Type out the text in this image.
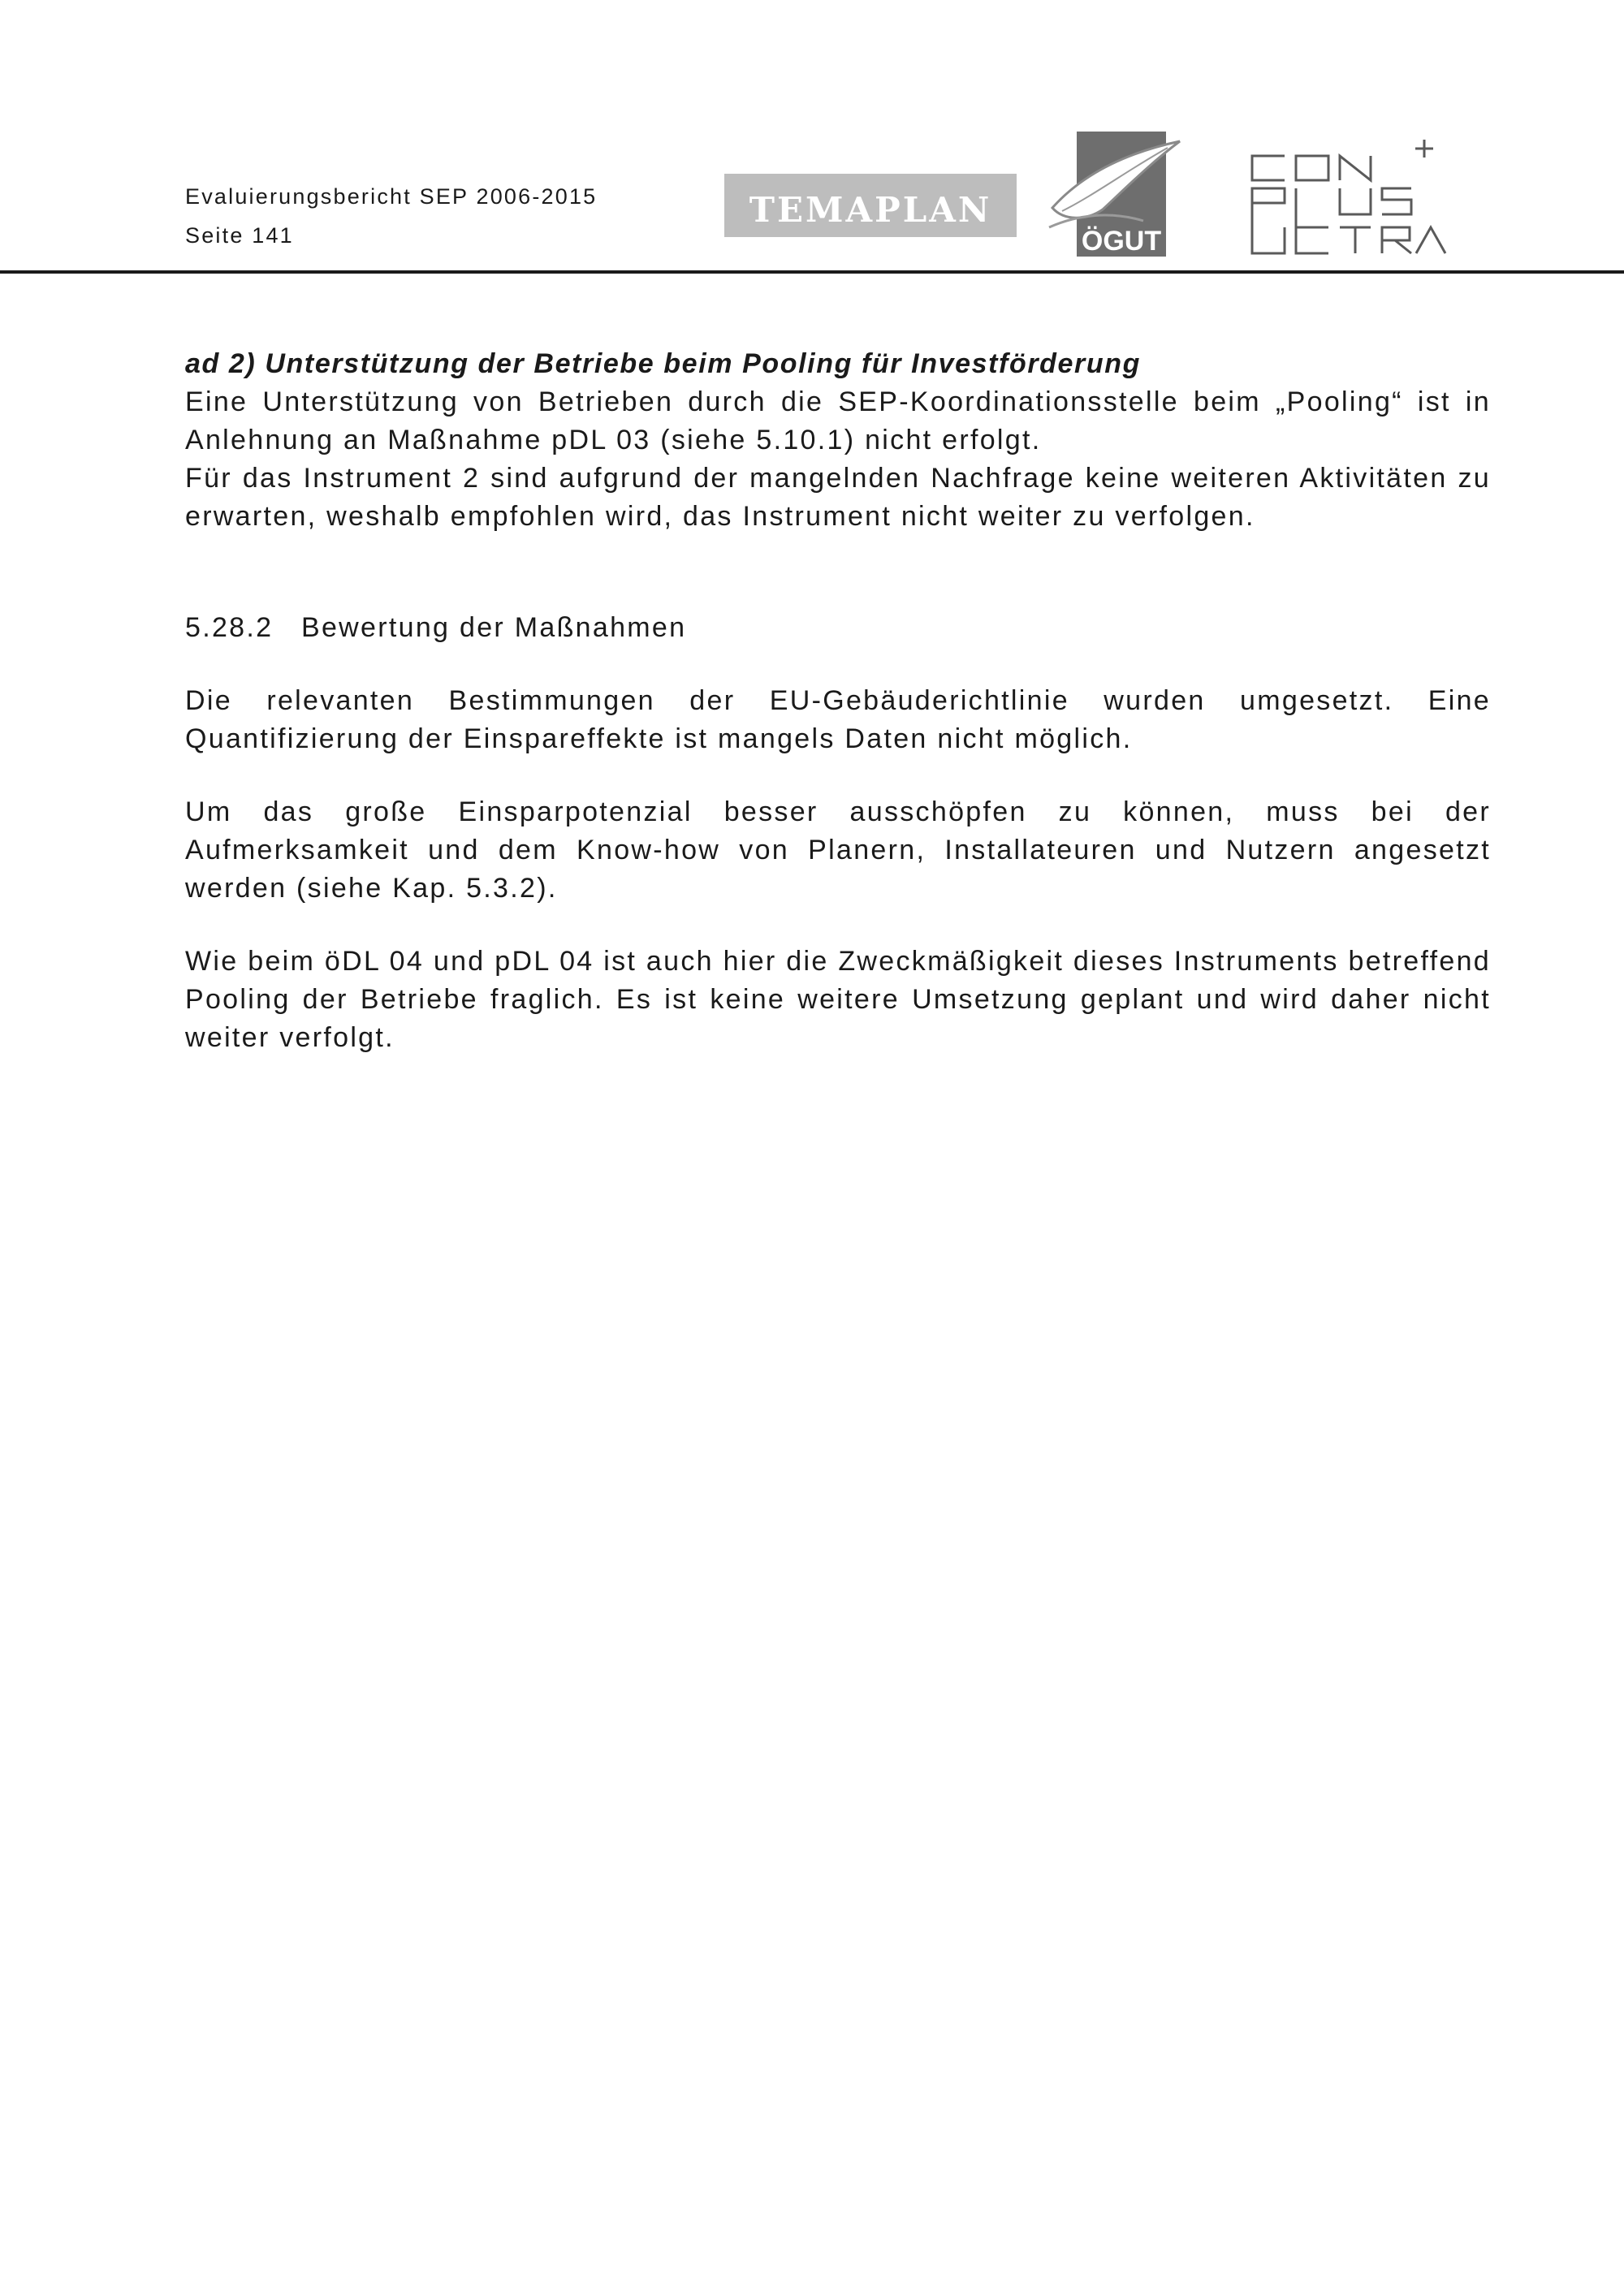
Evaluierungsbericht SEP 2006-2015
Seite 141
TEMAPLAN
ÖGUT

ad 2) Unterstützung der Betriebe beim Pooling für Investförderung

Eine Unterstützung von Betrieben durch die SEP-Koordinationsstelle beim „Pooling“ ist in Anlehnung an Maßnahme pDL 03 (siehe 5.10.1) nicht erfolgt.

Für das Instrument 2 sind aufgrund der mangelnden Nachfrage keine weiteren Aktivitäten zu erwarten, weshalb empfohlen wird, das Instrument nicht weiter zu verfolgen.

5.28.2 Bewertung der Maßnahmen

Die relevanten Bestimmungen der EU-Gebäuderichtlinie wurden umgesetzt. Eine Quantifizierung der Einspareffekte ist mangels Daten nicht möglich.

Um das große Einsparpotenzial besser ausschöpfen zu können, muss bei der Aufmerksamkeit und dem Know-how von Planern, Installateuren und Nutzern angesetzt werden (siehe Kap. 5.3.2).

Wie beim öDL 04 und pDL 04 ist auch hier die Zweckmäßigkeit dieses Instruments betreffend Pooling der Betriebe fraglich. Es ist keine weitere Umsetzung geplant und wird daher nicht weiter verfolgt.
